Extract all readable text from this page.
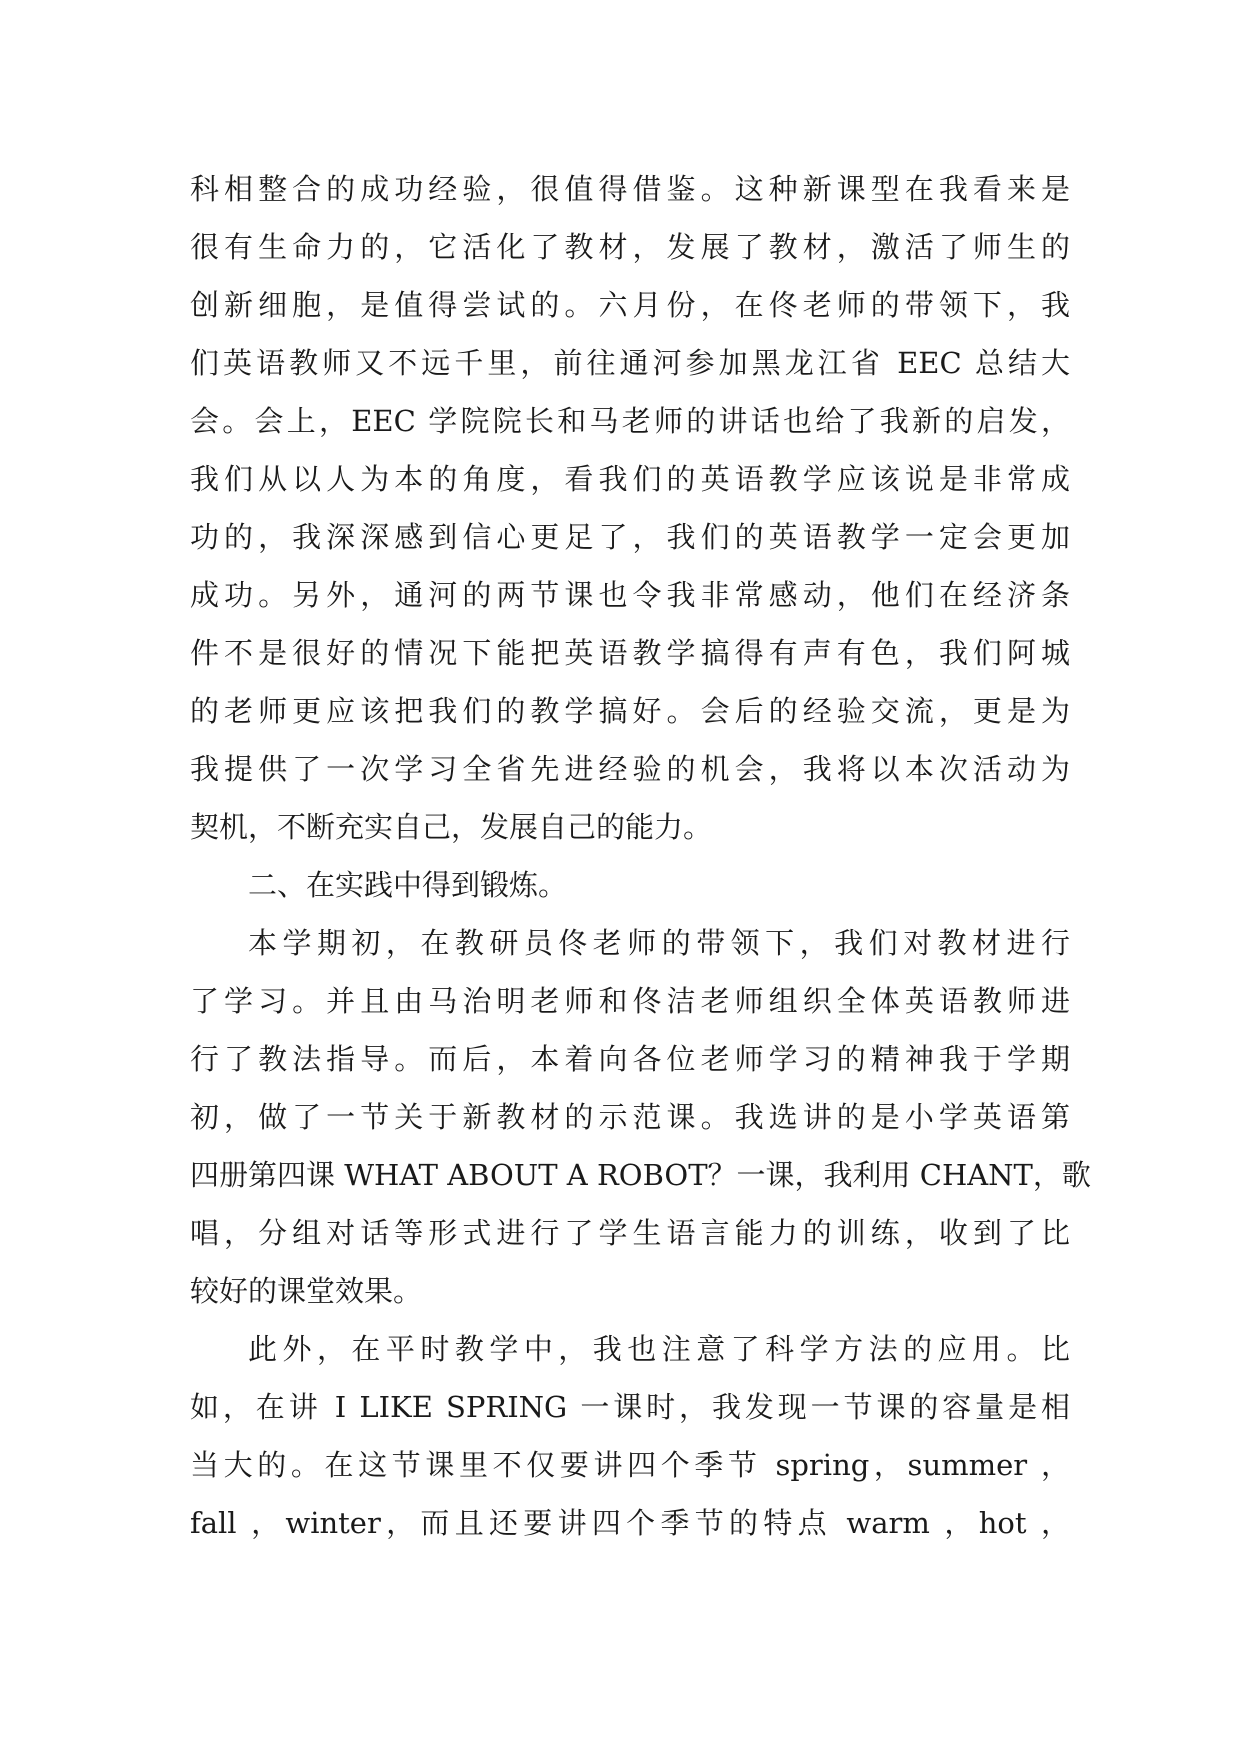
科相整合的成功经验，很值得借鉴。这种新课型在我看来是
很有生命力的，它活化了教材，发展了教材，激活了师生的
创新细胞，是值得尝试的。六月份，在佟老师的带领下，我
们英语教师又不远千里，前往通河参加黑龙江省 EEC 总结大
会。会上，EEC 学院院长和马老师的讲话也给了我新的启发，
我们从以人为本的角度，看我们的英语教学应该说是非常成
功的，我深深感到信心更足了，我们的英语教学一定会更加
成功。另外，通河的两节课也令我非常感动，他们在经济条
件不是很好的情况下能把英语教学搞得有声有色，我们阿城
的老师更应该把我们的教学搞好。会后的经验交流，更是为
我提供了一次学习全省先进经验的机会，我将以本次活动为
契机，不断充实自己，发展自己的能力。
二、在实践中得到锻炼。
本学期初，在教研员佟老师的带领下，我们对教材进行
了学习。并且由马治明老师和佟洁老师组织全体英语教师进
行了教法指导。而后，本着向各位老师学习的精神我于学期
初，做了一节关于新教材的示范课。我选讲的是小学英语第
四册第四课 WHAT ABOUT A ROBOT？一课，我利用 CHANT，歌
唱，分组对话等形式进行了学生语言能力的训练，收到了比
较好的课堂效果。
此外，在平时教学中，我也注意了科学方法的应用。比
如，在讲 I LIKE SPRING 一课时，我发现一节课的容量是相
当大的。在这节课里不仅要讲四个季节 spring，summer ，
fall ，winter，而且还要讲四个季节的特点 warm ，hot ，
